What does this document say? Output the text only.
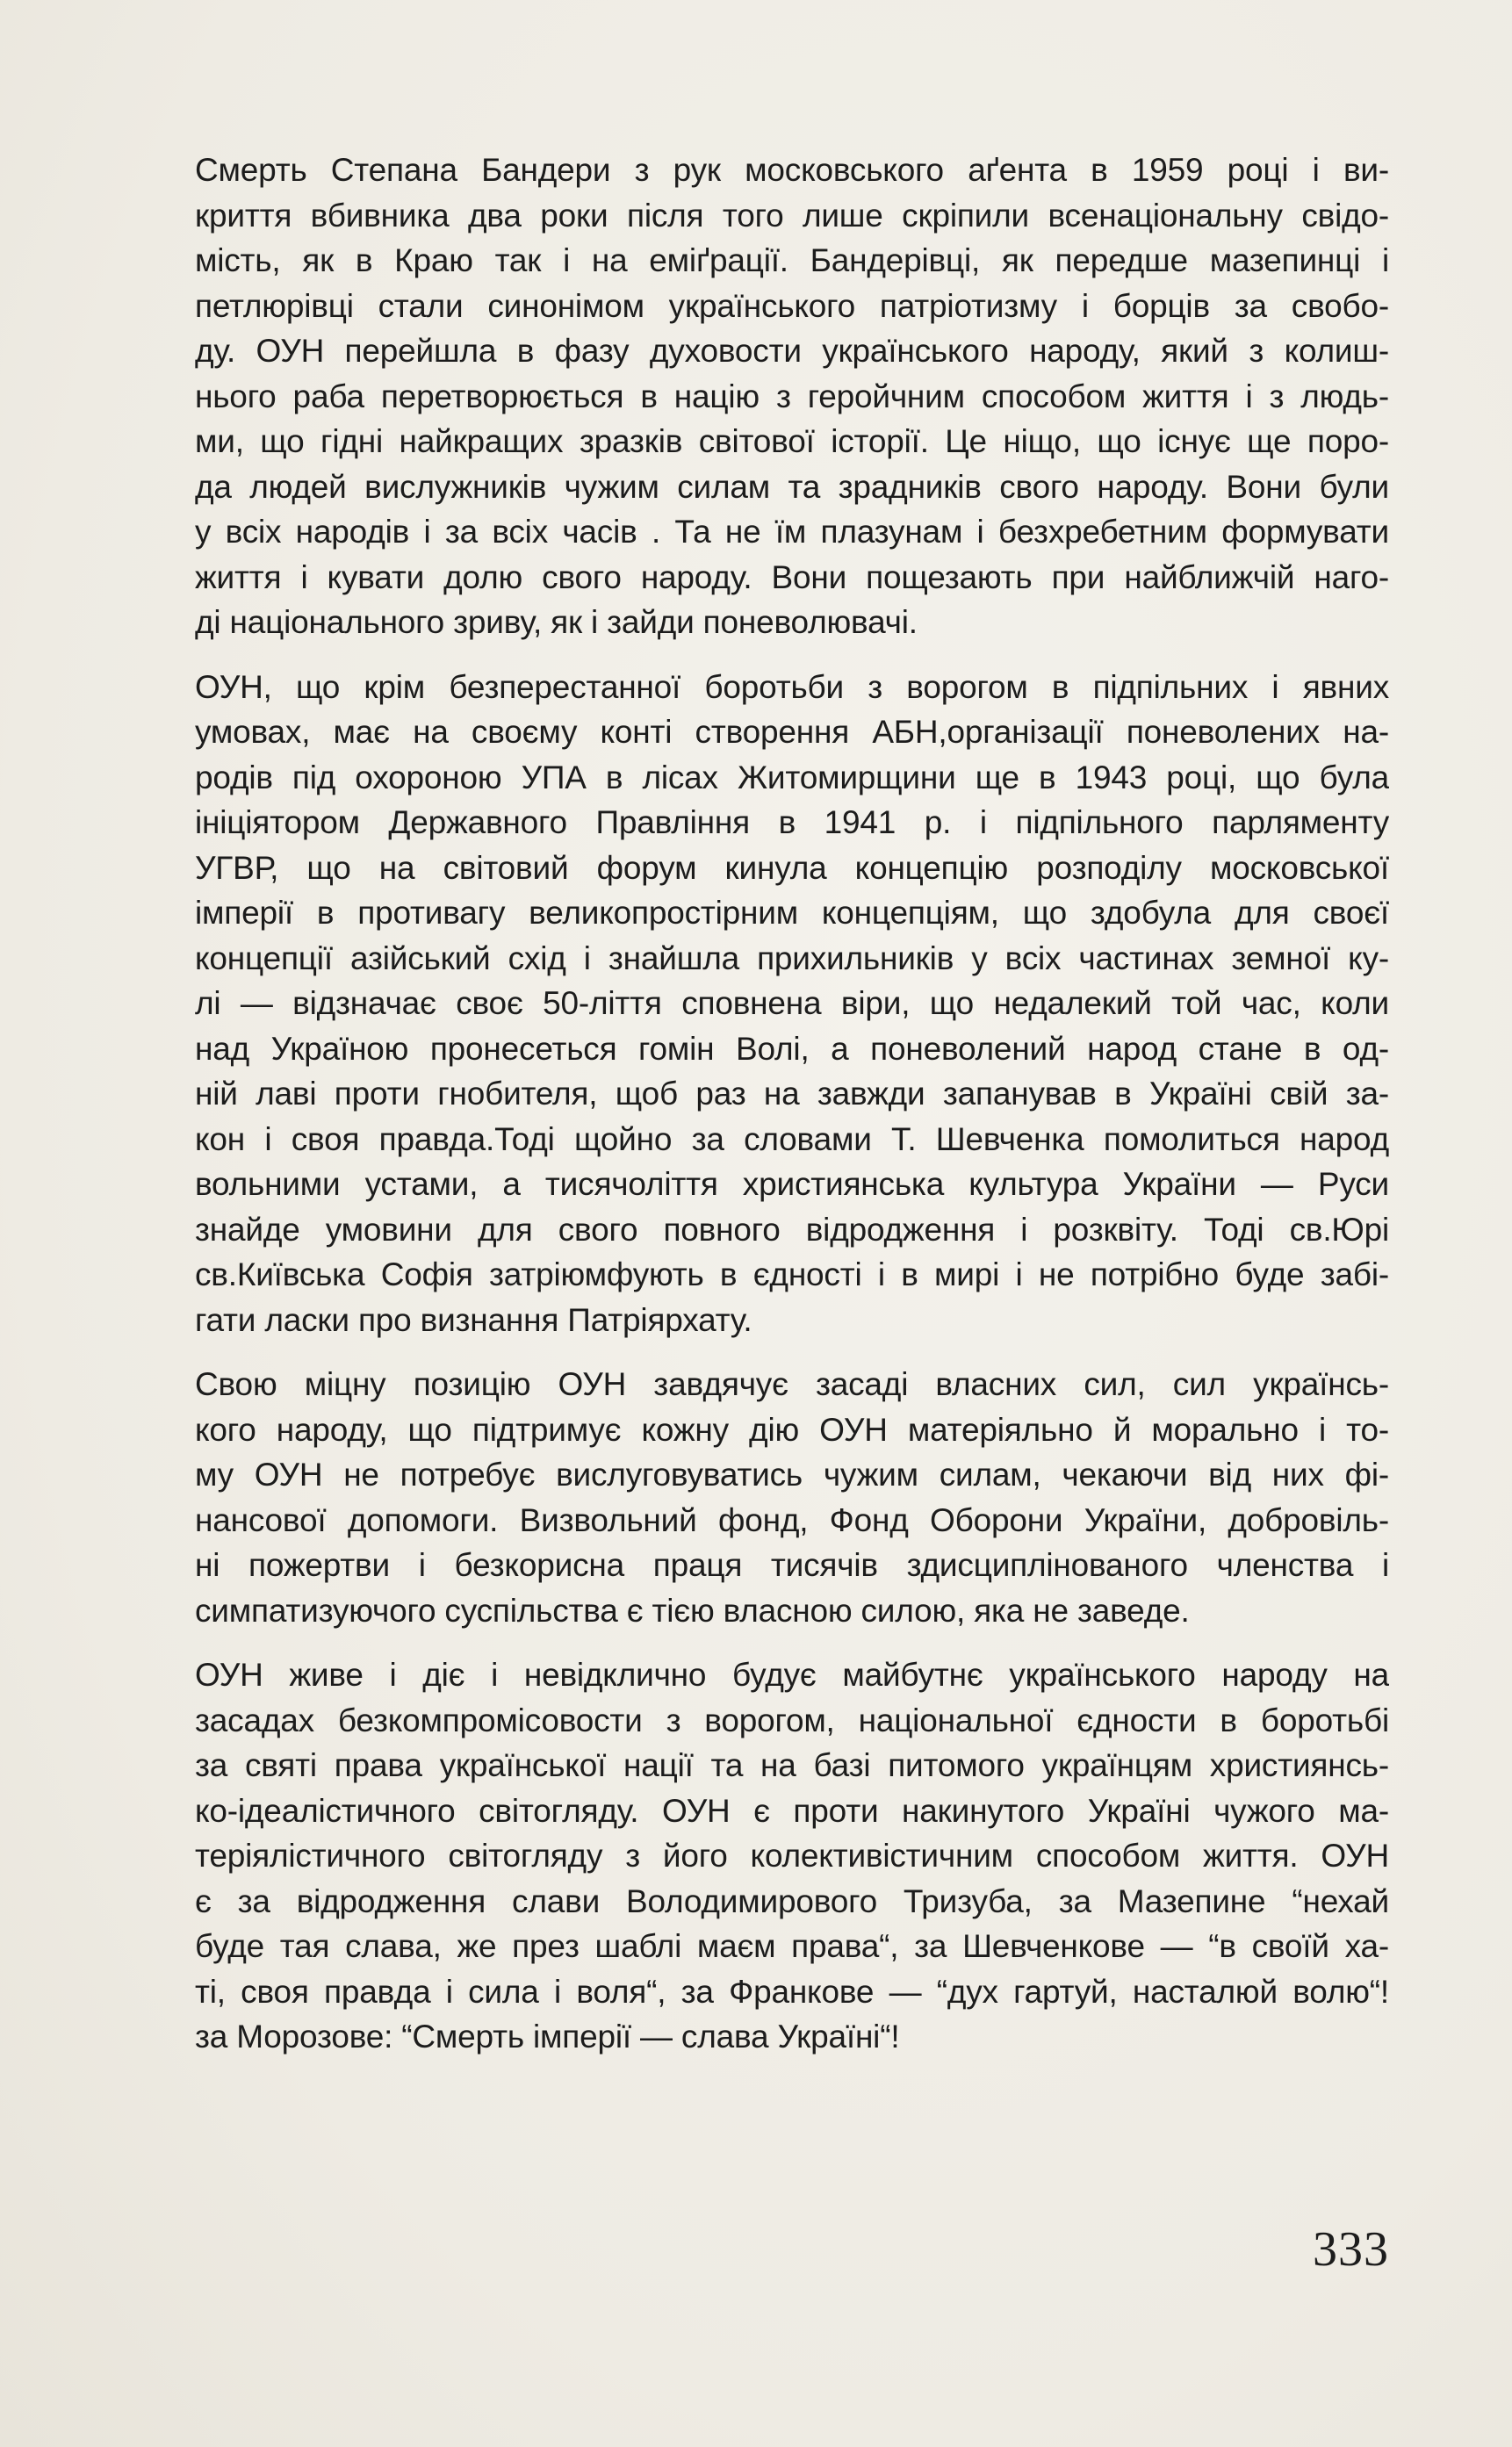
Смерть Степана Бандери з рук московського аґента в 1959 році і ви-
криття вбивника два роки після того лише скріпили всенаціональну свідо-
мість, як в Краю так і на еміґрації. Бандерівці, як передше мазепинці і
петлюрівці стали синонімом українського патріотизму і борців за свобо-
ду. ОУН перейшла в фазу духовости українського народу, який з колиш-
нього раба перетворюється в націю з геройчним способом життя і з людь-
ми, що гідні найкращих зразків світової історії. Це ніщо, що існує ще поро-
да людей вислужників чужим силам та зрадників свого народу. Вони були
у всіх народів і за всіх часів . Та не їм плазунам і безхребетним формувати
життя і кувати долю свого народу. Вони пощезають при найближчій наго-
ді національного зриву, як і зайди поневолювачі.

ОУН, що крім безперестанної боротьби з ворогом в підпільних і явних
умовах, має на своєму конті створення АБН,організації поневолених на-
родів під охороною УПА в лісах Житомирщини ще в 1943 році, що була
ініціятором Державного Правління в 1941 р. і підпільного парляменту
УГВР, що на світовий форум кинула концепцію розподілу московської
імперії в противагу великопростірним концепціям, що здобула для своєї
концепції азійський схід і знайшла прихильників у всіх частинах земної ку-
лі — відзначає своє 50-ліття сповнена віри, що недалекий той час, коли
над Україною пронесеться гомін Волі, а поневолений народ стане в од-
ній лаві проти гнобителя, щоб раз на завжди запанував в Україні свій за-
кон і своя правда.Тоді щойно за словами Т. Шевченка помолиться народ
вольними устами, а тисячоліття християнська культура України — Руси
знайде умовини для свого повного відродження і розквіту. Тоді св.Юрі
св.Київська Софія затріюмфують в єдності і в мирі і не потрібно буде забі-
гати ласки про визнання Патріярхату.

Свою міцну позицію ОУН завдячує засаді власних сил, сил українсь-
кого народу, що підтримує кожну дію ОУН матеріяльно й морально і то-
му ОУН не потребує вислуговуватись чужим силам, чекаючи від них фі-
нансової допомоги. Визвольний фонд, Фонд Оборони України, добровіль-
ні пожертви і безкорисна праця тисячів здисциплінованого членства і
симпатизуючого суспільства є тією власною силою, яка не заведе.

ОУН живе і діє і невідклично будує майбутнє українського народу на
засадах безкомпромісовости з ворогом, національної єдности в боротьбі
за святі права української нації та на базі питомого українцям християнсь-
ко-ідеалістичного світогляду. ОУН є проти накинутого Україні чужого ма-
теріялістичного світогляду з його колективістичним способом життя. ОУН
є за відродження слави Володимирового Тризуба, за Мазепине “нехай
буде тая слава, же през шаблі маєм права“, за Шевченкове — “в своїй ха-
ті, своя правда і сила і воля“, за Франкове — “дух гартуй, насталюй волю“!
за Морозове: “Смерть імперії — слава Україні“!

333
